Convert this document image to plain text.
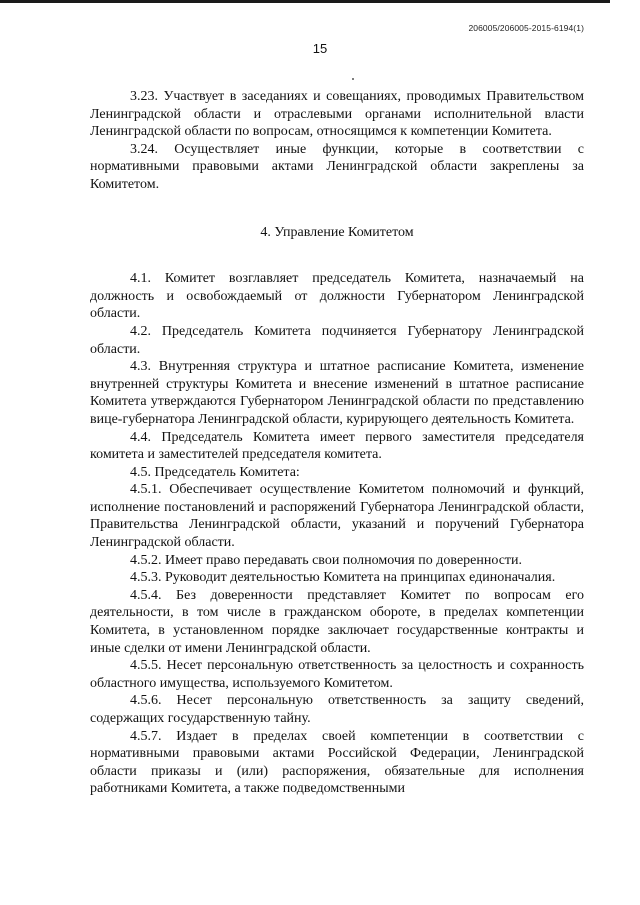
206005/206005-2015-6194(1)
15

3.23. Участвует в заседаниях и совещаниях, проводимых Правительством Ленинградской области и отраслевыми органами исполнительной власти Ленинградской области по вопросам, относящимся к компетенции Комитета.

3.24. Осуществляет иные функции, которые в соответствии с нормативными правовыми актами Ленинградской области закреплены за Комитетом.

4. Управление Комитетом

4.1. Комитет возглавляет председатель Комитета, назначаемый на должность и освобождаемый от должности Губернатором Ленинградской области.

4.2. Председатель Комитета подчиняется Губернатору Ленинградской области.

4.3. Внутренняя структура и штатное расписание Комитета, изменение внутренней структуры Комитета и внесение изменений в штатное расписание Комитета утверждаются Губернатором Ленинградской области по представлению вице-губернатора Ленинградской области, курирующего деятельность Комитета.

4.4. Председатель Комитета имеет первого заместителя председателя комитета и заместителей председателя комитета.

4.5. Председатель Комитета:

4.5.1. Обеспечивает осуществление Комитетом полномочий и функций, исполнение постановлений и распоряжений Губернатора Ленинградской области, Правительства Ленинградской области, указаний и поручений Губернатора Ленинградской области.

4.5.2. Имеет право передавать свои полномочия по доверенности.

4.5.3. Руководит деятельностью Комитета на принципах единоначалия.

4.5.4. Без доверенности представляет Комитет по вопросам его деятельности, в том числе в гражданском обороте, в пределах компетенции Комитета, в установленном порядке заключает государственные контракты и иные сделки от имени Ленинградской области.

4.5.5. Несет персональную ответственность за целостность и сохранность областного имущества, используемого Комитетом.

4.5.6. Несет персональную ответственность за защиту сведений, содержащих государственную тайну.

4.5.7. Издает в пределах своей компетенции в соответствии с нормативными правовыми актами Российской Федерации, Ленинградской области приказы и (или) распоряжения, обязательные для исполнения работниками Комитета, а также подведомственными
